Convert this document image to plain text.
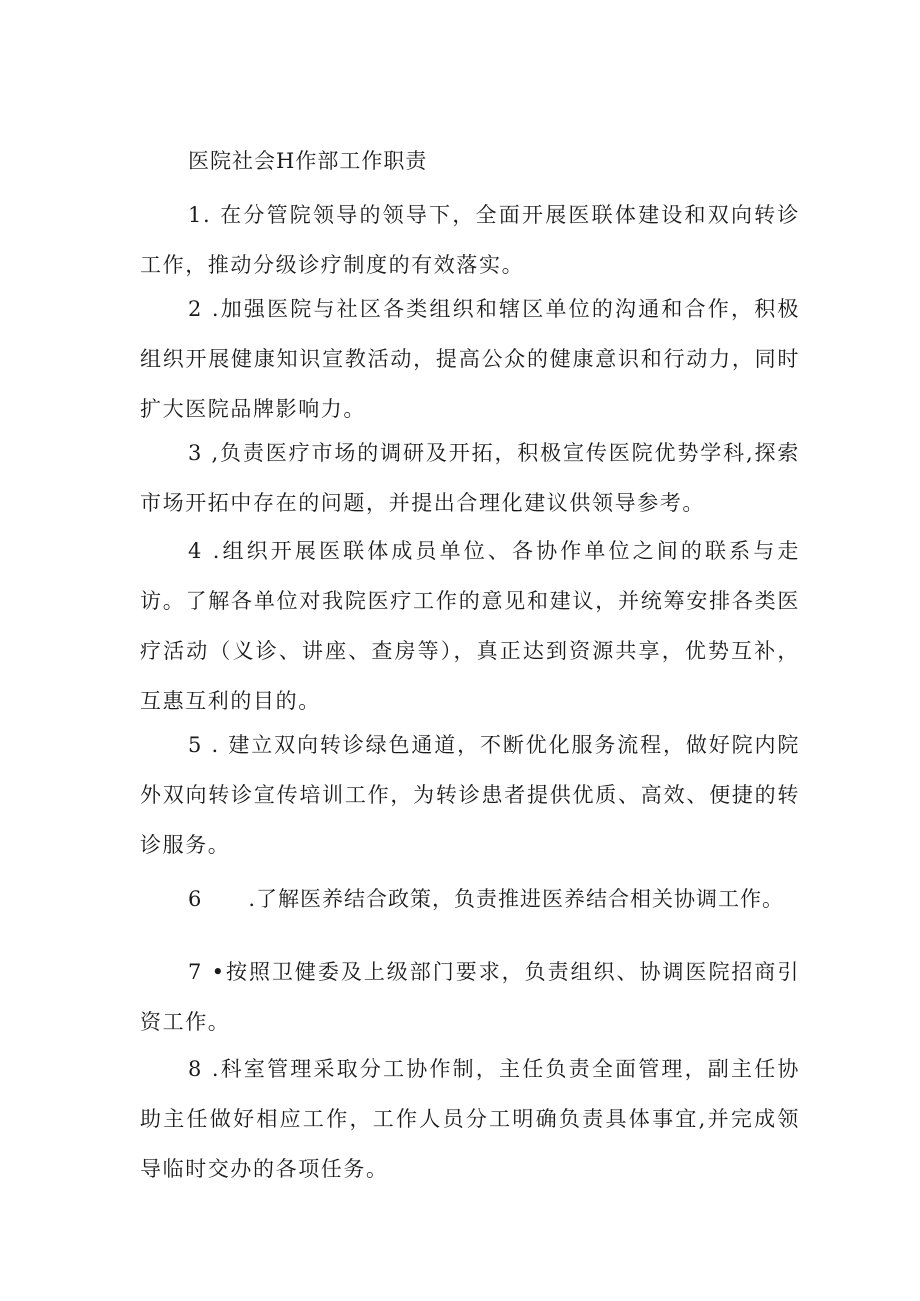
医院社会H作部工作职责

1. 在分管院领导的领导下，全面开展医联体建设和双向转诊工作，推动分级诊疗制度的有效落实。

2 .加强医院与社区各类组织和辖区单位的沟通和合作，积极组织开展健康知识宣教活动，提高公众的健康意识和行动力，同时扩大医院品牌影响力。

3 ,负责医疗市场的调研及开拓，积极宣传医院优势学科,探索市场开拓中存在的问题，并提出合理化建议供领导参考。

4 .组织开展医联体成员单位、各协作单位之间的联系与走访。了解各单位对我院医疗工作的意见和建议，并统筹安排各类医疗活动（义诊、讲座、查房等），真正达到资源共享，优势互补，互惠互利的目的。

5 . 建立双向转诊绿色通道，不断优化服务流程，做好院内院外双向转诊宣传培训工作，为转诊患者提供优质、高效、便捷的转诊服务。

6 .了解医养结合政策，负责推进医养结合相关协调工作。

7 •按照卫健委及上级部门要求，负责组织、协调医院招商引资工作。

8 .科室管理采取分工协作制，主任负责全面管理，副主任协助主任做好相应工作，工作人员分工明确负责具体事宜,并完成领导临时交办的各项任务。
